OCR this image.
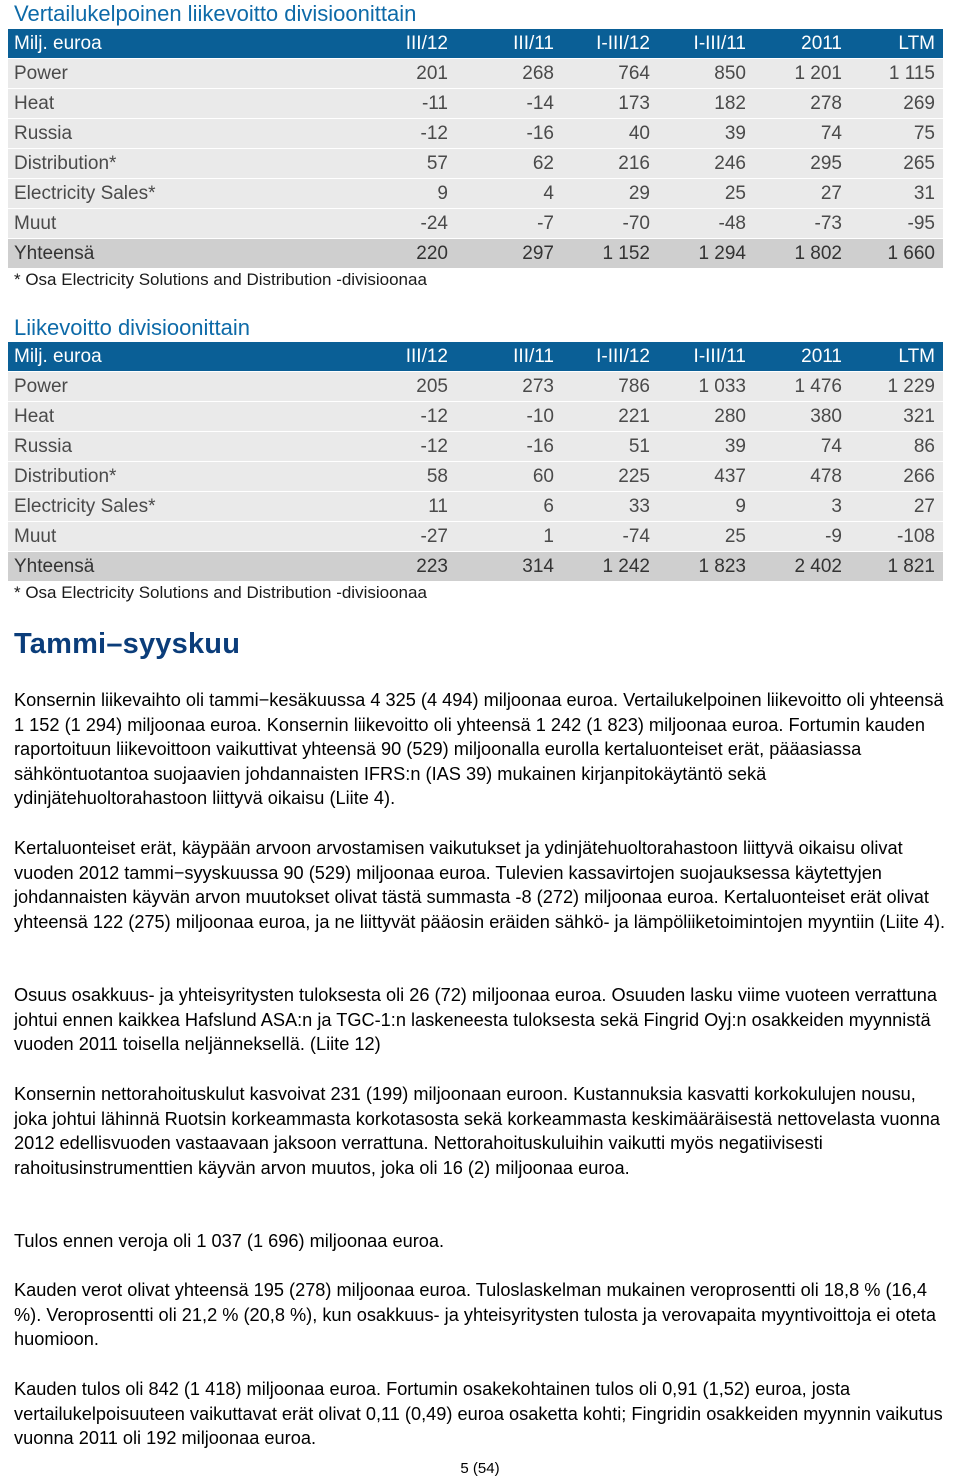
Vertailukelpoinen liikevoitto divisioonittain
Milj. euroa	III/12	III/11	I-III/12	I-III/11	2011	LTM
Power	201	268	764	850	1 201	1 115
Heat	-11	-14	173	182	278	269
Russia	-12	-16	40	39	74	75
Distribution*	57	62	216	246	295	265
Electricity Sales*	9	4	29	25	27	31
Muut	-24	-7	-70	-48	-73	-95
Yhteensä	220	297	1 152	1 294	1 802	1 660
* Osa Electricity Solutions and Distribution -divisioonaa
Liikevoitto divisioonittain
Milj. euroa	III/12	III/11	I-III/12	I-III/11	2011	LTM
Power	205	273	786	1 033	1 476	1 229
Heat	-12	-10	221	280	380	321
Russia	-12	-16	51	39	74	86
Distribution*	58	60	225	437	478	266
Electricity Sales*	11	6	33	9	3	27
Muut	-27	1	-74	25	-9	-108
Yhteensä	223	314	1 242	1 823	2 402	1 821
* Osa Electricity Solutions and Distribution -divisioonaa
Tammi–syyskuu
Konsernin liikevaihto oli tammi−kesäkuussa 4 325 (4 494) miljoonaa euroa. Vertailukelpoinen liikevoitto oli yhteensä 1 152 (1 294) miljoonaa euroa. Konsernin liikevoitto oli yhteensä 1 242 (1 823) miljoonaa euroa. Fortumin kauden raportoituun liikevoittoon vaikuttivat yhteensä 90 (529) miljoonalla eurolla kertaluonteiset erät, pääasiassa sähköntuotantoa suojaavien johdannaisten IFRS:n (IAS 39) mukainen kirjanpitokäytäntö sekä ydinjätehuoltorahastoon liittyvä oikaisu (Liite 4).
Kertaluonteiset erät, käypään arvoon arvostamisen vaikutukset ja ydinjätehuoltorahastoon liittyvä oikaisu olivat vuoden 2012 tammi−syyskuussa 90 (529) miljoonaa euroa. Tulevien kassavirtojen suojauksessa käytettyjen johdannaisten käyvän arvon muutokset olivat tästä summasta -8 (272) miljoonaa euroa. Kertaluonteiset erät olivat yhteensä 122 (275) miljoonaa euroa, ja ne liittyvät pääosin eräiden sähkö- ja lämpöliiketoimintojen myyntiin (Liite 4).
Osuus osakkuus- ja yhteisyritysten tuloksesta oli 26 (72) miljoonaa euroa. Osuuden lasku viime vuoteen verrattuna johtui ennen kaikkea Hafslund ASA:n ja TGC-1:n laskeneesta tuloksesta sekä Fingrid Oyj:n osakkeiden myynnistä vuoden 2011 toisella neljänneksellä. (Liite 12)
Konsernin nettorahoituskulut kasvoivat 231 (199) miljoonaan euroon. Kustannuksia kasvatti korkokulujen nousu, joka johtui lähinnä Ruotsin korkeammasta korkotasosta sekä korkeammasta keskimääräisestä nettovelasta vuonna 2012 edellisvuoden vastaavaan jaksoon verrattuna. Nettorahoituskuluihin vaikutti myös negatiivisesti rahoitusinstrumenttien käyvän arvon muutos, joka oli 16 (2) miljoonaa euroa.
Tulos ennen veroja oli 1 037 (1 696) miljoonaa euroa.
Kauden verot olivat yhteensä 195 (278) miljoonaa euroa. Tuloslaskelman mukainen veroprosentti oli 18,8 % (16,4 %). Veroprosentti oli 21,2 % (20,8 %), kun osakkuus- ja yhteisyritysten tulosta ja verovapaita myyntivoittoja ei oteta huomioon.
Kauden tulos oli 842 (1 418) miljoonaa euroa. Fortumin osakekohtainen tulos oli 0,91 (1,52) euroa, josta vertailukelpoisuuteen vaikuttavat erät olivat 0,11 (0,49) euroa osaketta kohti; Fingridin osakkeiden myynnin vaikutus vuonna 2011 oli 192 miljoonaa euroa.
5 (54)
